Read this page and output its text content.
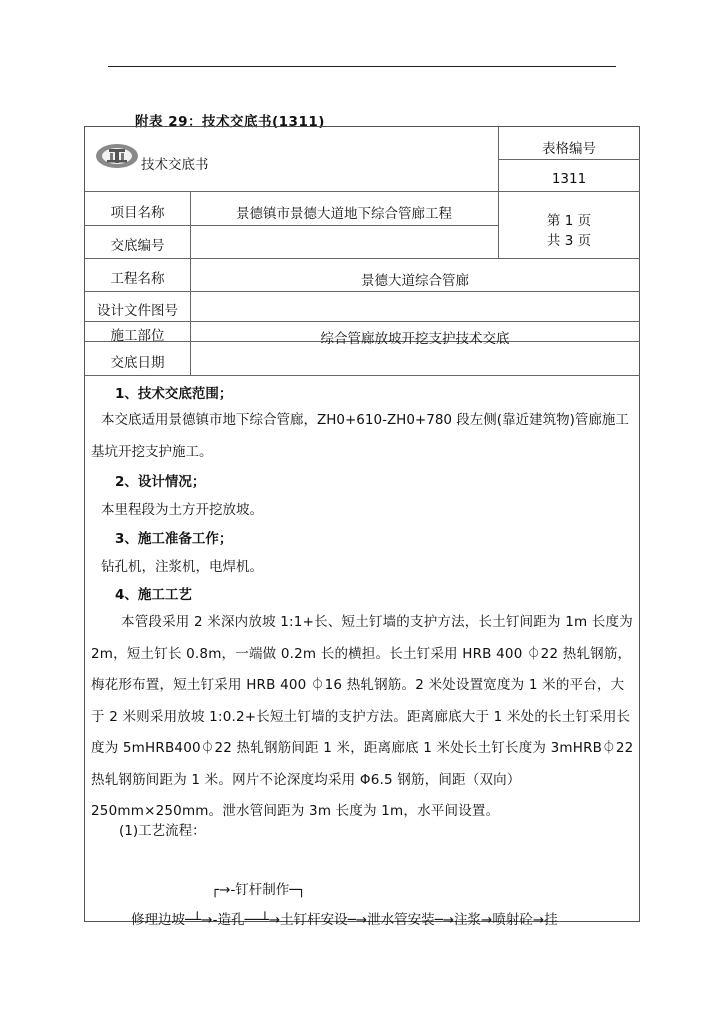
附表 29：技术交底书(1311)
技术交底书
表格编号
1311
项目名称	景德镇市景德大道地下综合管廊工程	第 1 页
共 3 页
交底编号
工程名称	景德大道综合管廊
设计文件图号
施工部位	综合管廊放坡开挖支护技术交底
交底日期
1、技术交底范围；
本交底适用景德镇市地下综合管廊，ZH0+610-ZH0+780 段左侧(靠近建筑物)管廊施工基坑开挖支护施工。
2、设计情况；
本里程段为土方开挖放坡。
3、施工准备工作；
钻孔机，注浆机，电焊机。
4、施工工艺
本管段采用 2 米深内放坡 1:1+长、短土钉墙的支护方法，长土钉间距为 1m 长度为 2m，短土钉长 0.8m，一端做 0.2m 长的横担。长土钉采用 HRB 400 ⏀22 热轧钢筋，梅花形布置，短土钉采用 HRB 400 ⏀16 热轧钢筋。2 米处设置宽度为 1 米的平台，大于 2 米则采用放坡 1:0.2+长短土钉墙的支护方法。距离廊底大于 1 米处的长土钉采用长度为 5mHRB400⏀22 热轧钢筋间距 1 米，距离廊底 1 米处长土钉长度为 3mHRB⏀22 热轧钢筋间距为 1 米。网片不论深度均采用 Φ6.5 钢筋，间距（双向）250mm×250mm。泄水管间距为 3m 长度为 1m，水平间设置。
(1)工艺流程：
┌→-钉杆制作─┐
修理边坡─┴→-造孔──┴→土钉杆安设─→泄水管安装─→注浆→喷射砼→挂
